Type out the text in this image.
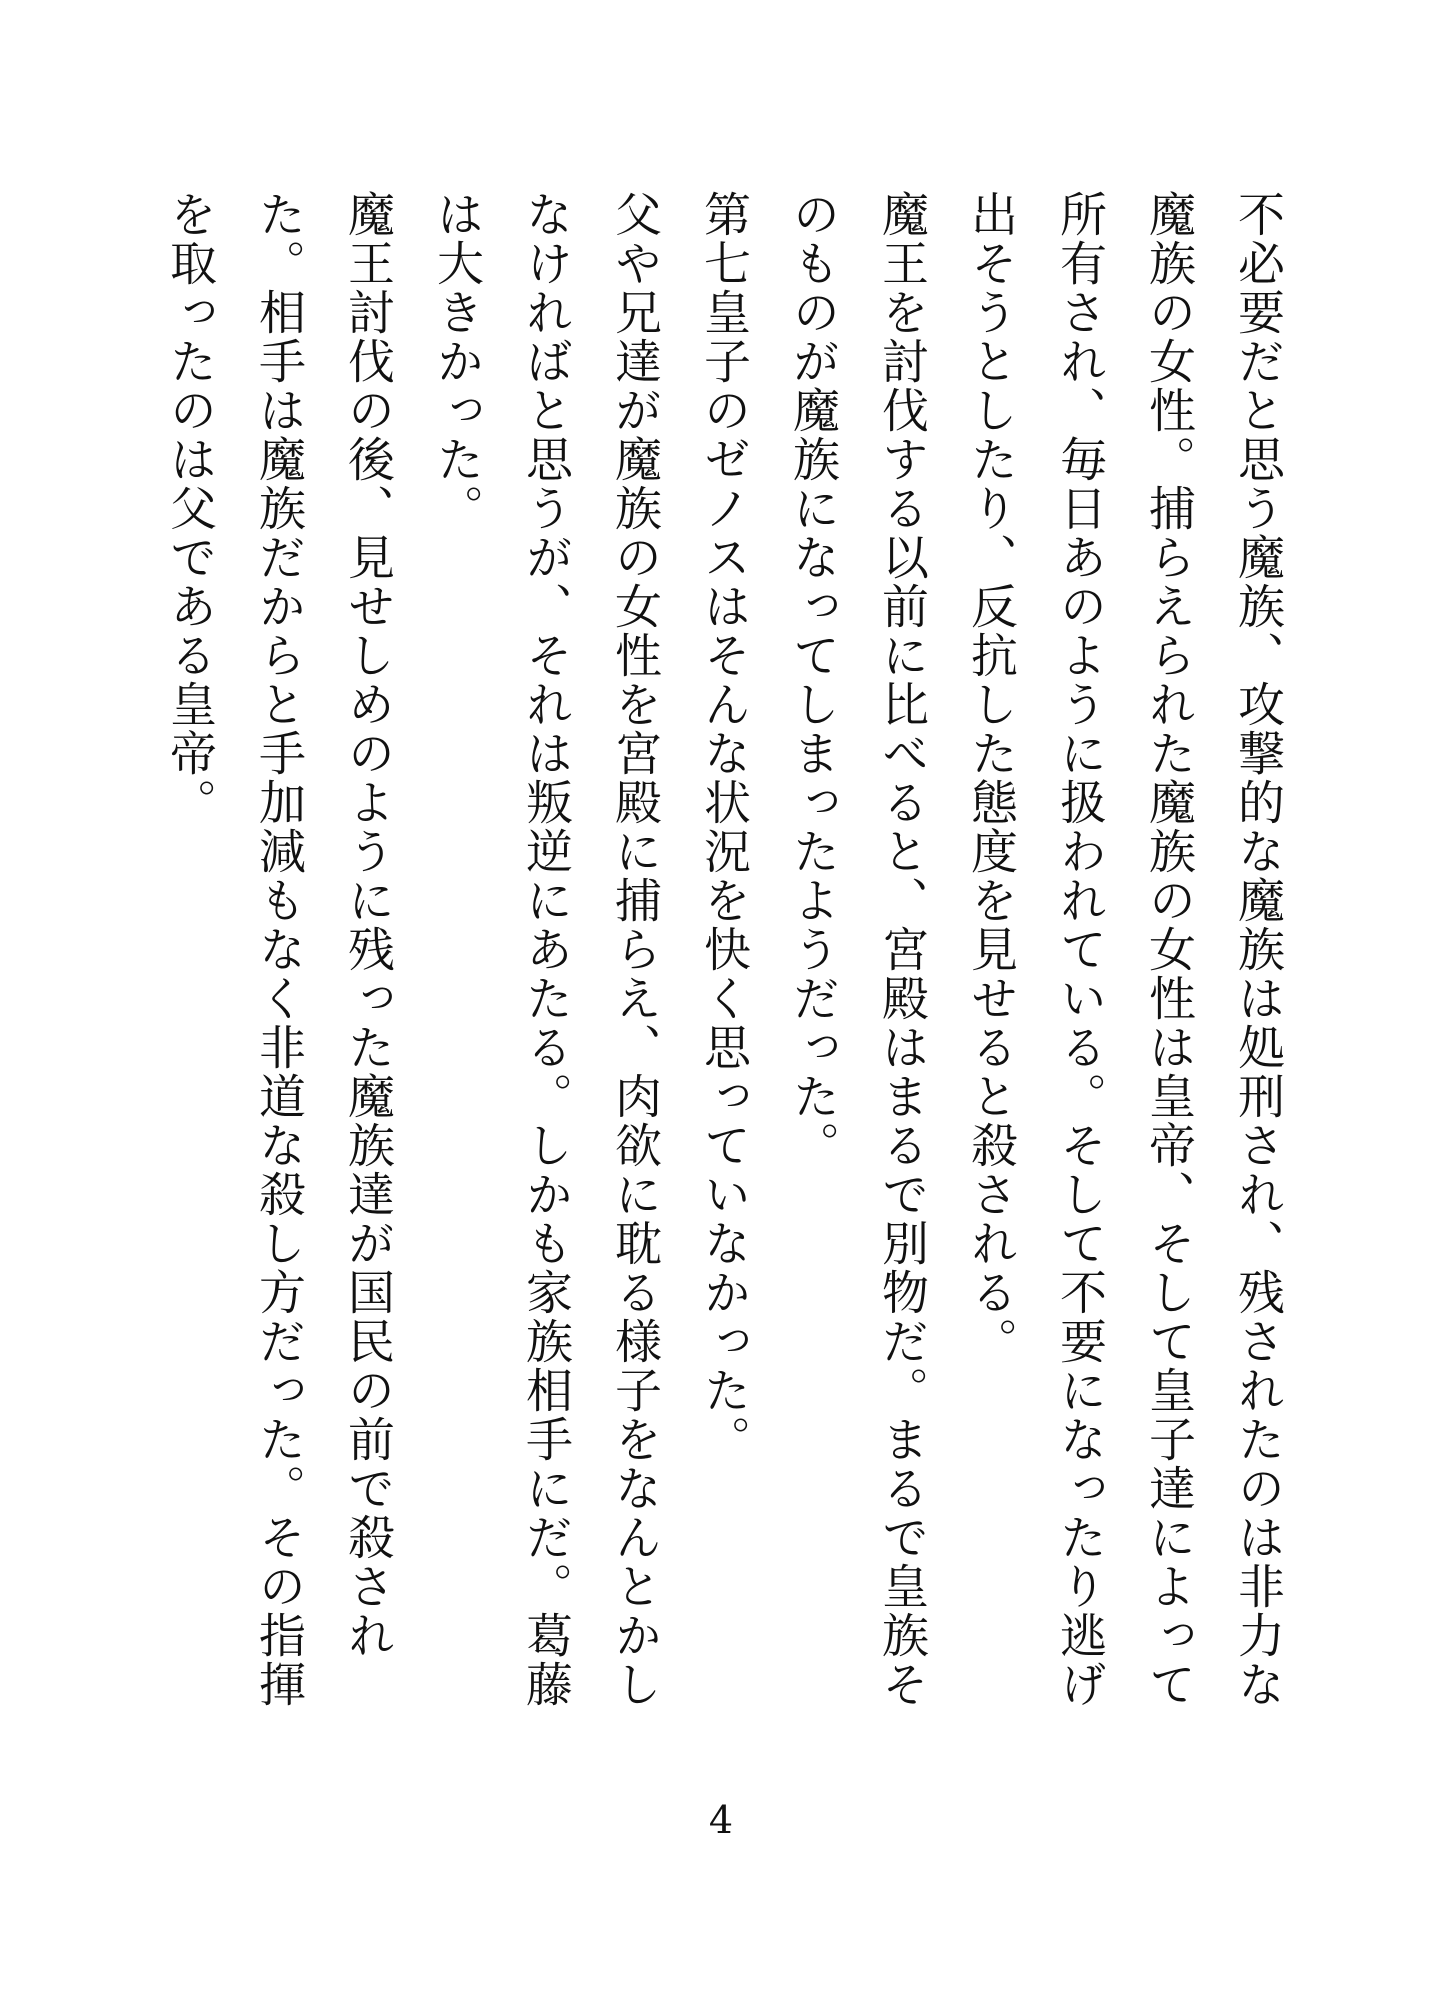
不必要だと思う魔族、攻撃的な魔族は処刑され、残されたのは非力な魔族の女性。捕らえられた魔族の女性は皇帝、そして皇子達によって所有され、毎日あのように扱われている。そして不要になったり逃げ出そうとしたり、反抗した態度を見せると殺される。

魔王を討伐する以前に比べると、宮殿はまるで別物だ。まるで皇族そのものが魔族になってしまったようだった。

第七皇子のゼノスはそんな状況を快く思っていなかった。

父や兄達が魔族の女性を宮殿に捕らえ、肉欲に耽る様子をなんとかしなければと思うが、それは叛逆にあたる。しかも家族相手にだ。葛藤は大きかった。

魔王討伐の後、見せしめのように残った魔族達が国民の前で殺された。相手は魔族だからと手加減もなく非道な殺し方だった。その指揮を取ったのは父である皇帝。

4
